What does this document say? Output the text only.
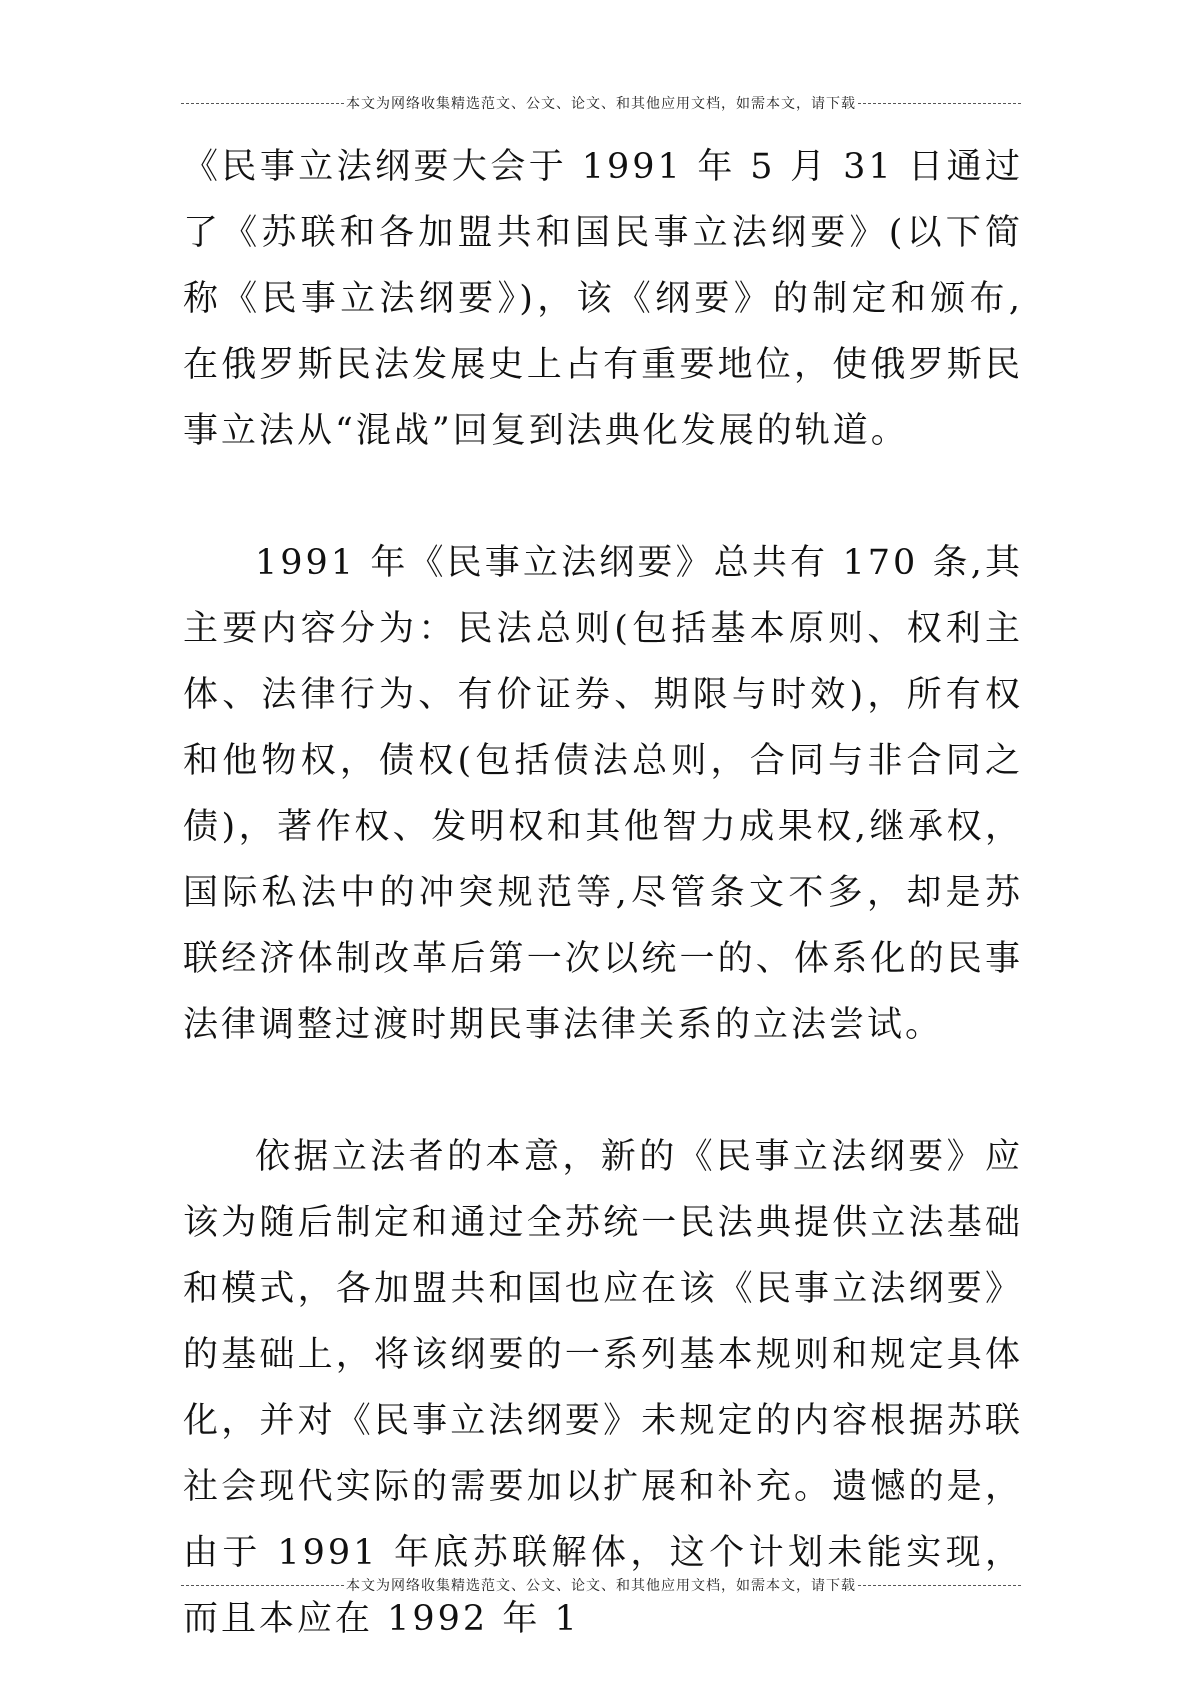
本文为网络收集精选范文、公文、论文、和其他应用文档，如需本文，请下载

《民事立法纲要大会于 1991 年 5 月 31 日通过了《苏联和各加盟共和国民事立法纲要》(以下简称《民事立法纲要》)，该《纲要》的制定和颁布,在俄罗斯民法发展史上占有重要地位，使俄罗斯民事立法从“混战”回复到法典化发展的轨道。

1991 年《民事立法纲要》总共有 170 条,其主要内容分为：民法总则(包括基本原则、权利主体、法律行为、有价证券、期限与时效)，所有权和他物权，债权(包括债法总则，合同与非合同之债)，著作权、发明权和其他智力成果权,继承权，国际私法中的冲突规范等,尽管条文不多，却是苏联经济体制改革后第一次以统一的、体系化的民事法律调整过渡时期民事法律关系的立法尝试。

依据立法者的本意，新的《民事立法纲要》应该为随后制定和通过全苏统一民法典提供立法基础和模式，各加盟共和国也应在该《民事立法纲要》的基础上，将该纲要的一系列基本规则和规定具体化，并对《民事立法纲要》未规定的内容根据苏联社会现代实际的需要加以扩展和补充。遗憾的是，由于 1991 年底苏联解体，这个计划未能实现，而且本应在 1992 年 1

本文为网络收集精选范文、公文、论文、和其他应用文档，如需本文，请下载
